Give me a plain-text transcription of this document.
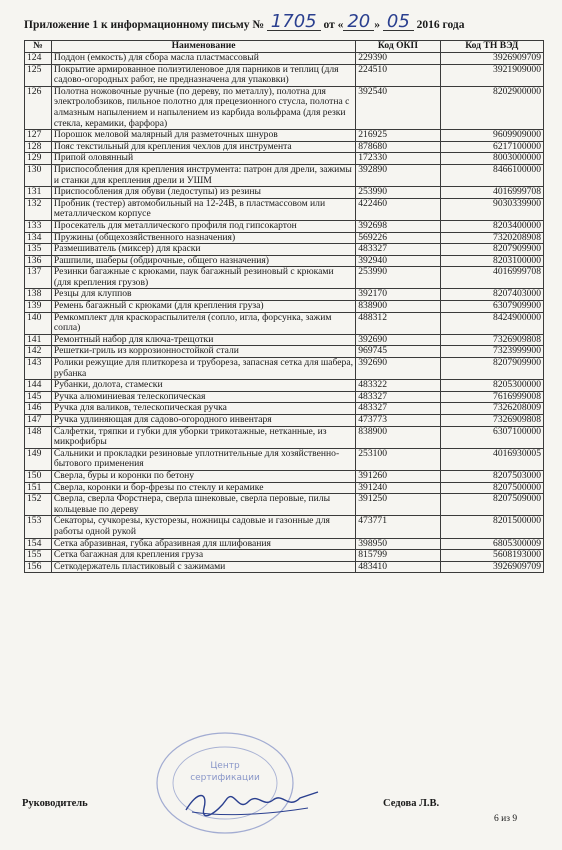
Приложение 1 к информационному письму № 1705 от « 20 » 05 2016 года
№	Наименование	Код ОКП	Код ТН ВЭД
124	Поддон (емкость) для сбора масла пластмассовый	229390	3926909709
125	Покрытие армированное полиэтиленовое для парников и теплиц (для садово-огородных работ, не предназначена для упаковки)	224510	3921909000
126	Полотна ножовочные ручные (по дереву, по металлу), полотна для электролобзиков, пильное полотно для прецезионного стусла, полотна с алмазным напылением и напылением из карбида вольфрама (для резки стекла, керамики, фарфора)	392540	8202900000
127	Порошок меловой малярный для разметочных шнуров	216925	9609909000
128	Пояс текстильный для крепления чехлов для инструмента	878680	6217100000
129	Припой оловянный	172330	8003000000
130	Приспособления для крепления инструмента: патрон для дрели, зажимы и станки для крепления дрели и УШМ	392890	8466100000
131	Приспособления для обуви (ледоступы) из резины	253990	4016999708
132	Пробник (тестер) автомобильный на 12-24В, в пластмассовом или металлическом корпусе	422460	9030339900
133	Просекатель для металлического профиля под гипсокартон	392698	8203400000
134	Пружины (общехозяйственного назначения)	569226	7320208908
135	Размешиватель (миксер) для краски	483327	8207909900
136	Рашпили, шаберы (обдирочные, общего назначения)	392940	8203100000
137	Резинки багажные с крюками, паук багажный резиновый с крюками (для крепления грузов)	253990	4016999708
138	Резцы для клуппов	392170	8207403000
139	Ремень багажный с крюками (для крепления груза)	838900	6307909900
140	Ремкомплект для краскораспылителя (сопло, игла, форсунка, зажим сопла)	488312	8424900000
141	Ремонтный набор для ключа-трещотки	392690	7326909808
142	Решетки-гриль из коррозионностойкой стали	969745	7323999900
143	Ролики режущие для плиткореза и трубореза, запасная сетка для шабера, рубанка	392690	8207909900
144	Рубанки, долота, стамески	483322	8205300000
145	Ручка алюминиевая телескопическая	483327	7616999008
146	Ручка для валиков, телескопическая ручка	483327	7326208009
147	Ручка удлиняющая для садово-огородного инвентаря	473773	7326909808
148	Салфетки, тряпки и губки для уборки трикотажные, нетканные, из микрофибры	838900	6307100000
149	Сальники и прокладки резиновые уплотнительные для хозяйственно-бытового применения	253100	4016930005
150	Сверла, буры и коронки по бетону	391260	8207503000
151	Сверла, коронки и бор-фрезы по стеклу и керамике	391240	8207500000
152	Сверла, сверла Форстнера, сверла шнековые, сверла перовые, пилы кольцевые по дереву	391250	8207509000
153	Секаторы, сучкорезы, кусторезы, ножницы садовые и газонные для работы одной рукой	473771	8201500000
154	Сетка абразивная, губка абразивная для шлифования	398950	6805300009
155	Сетка багажная для крепления груза	815799	5608193000
156	Сеткодержатель пластиковый с зажимами	483410	3926909709
Центр
сертификации
Руководитель	Седова Л.В.
6 из 9
